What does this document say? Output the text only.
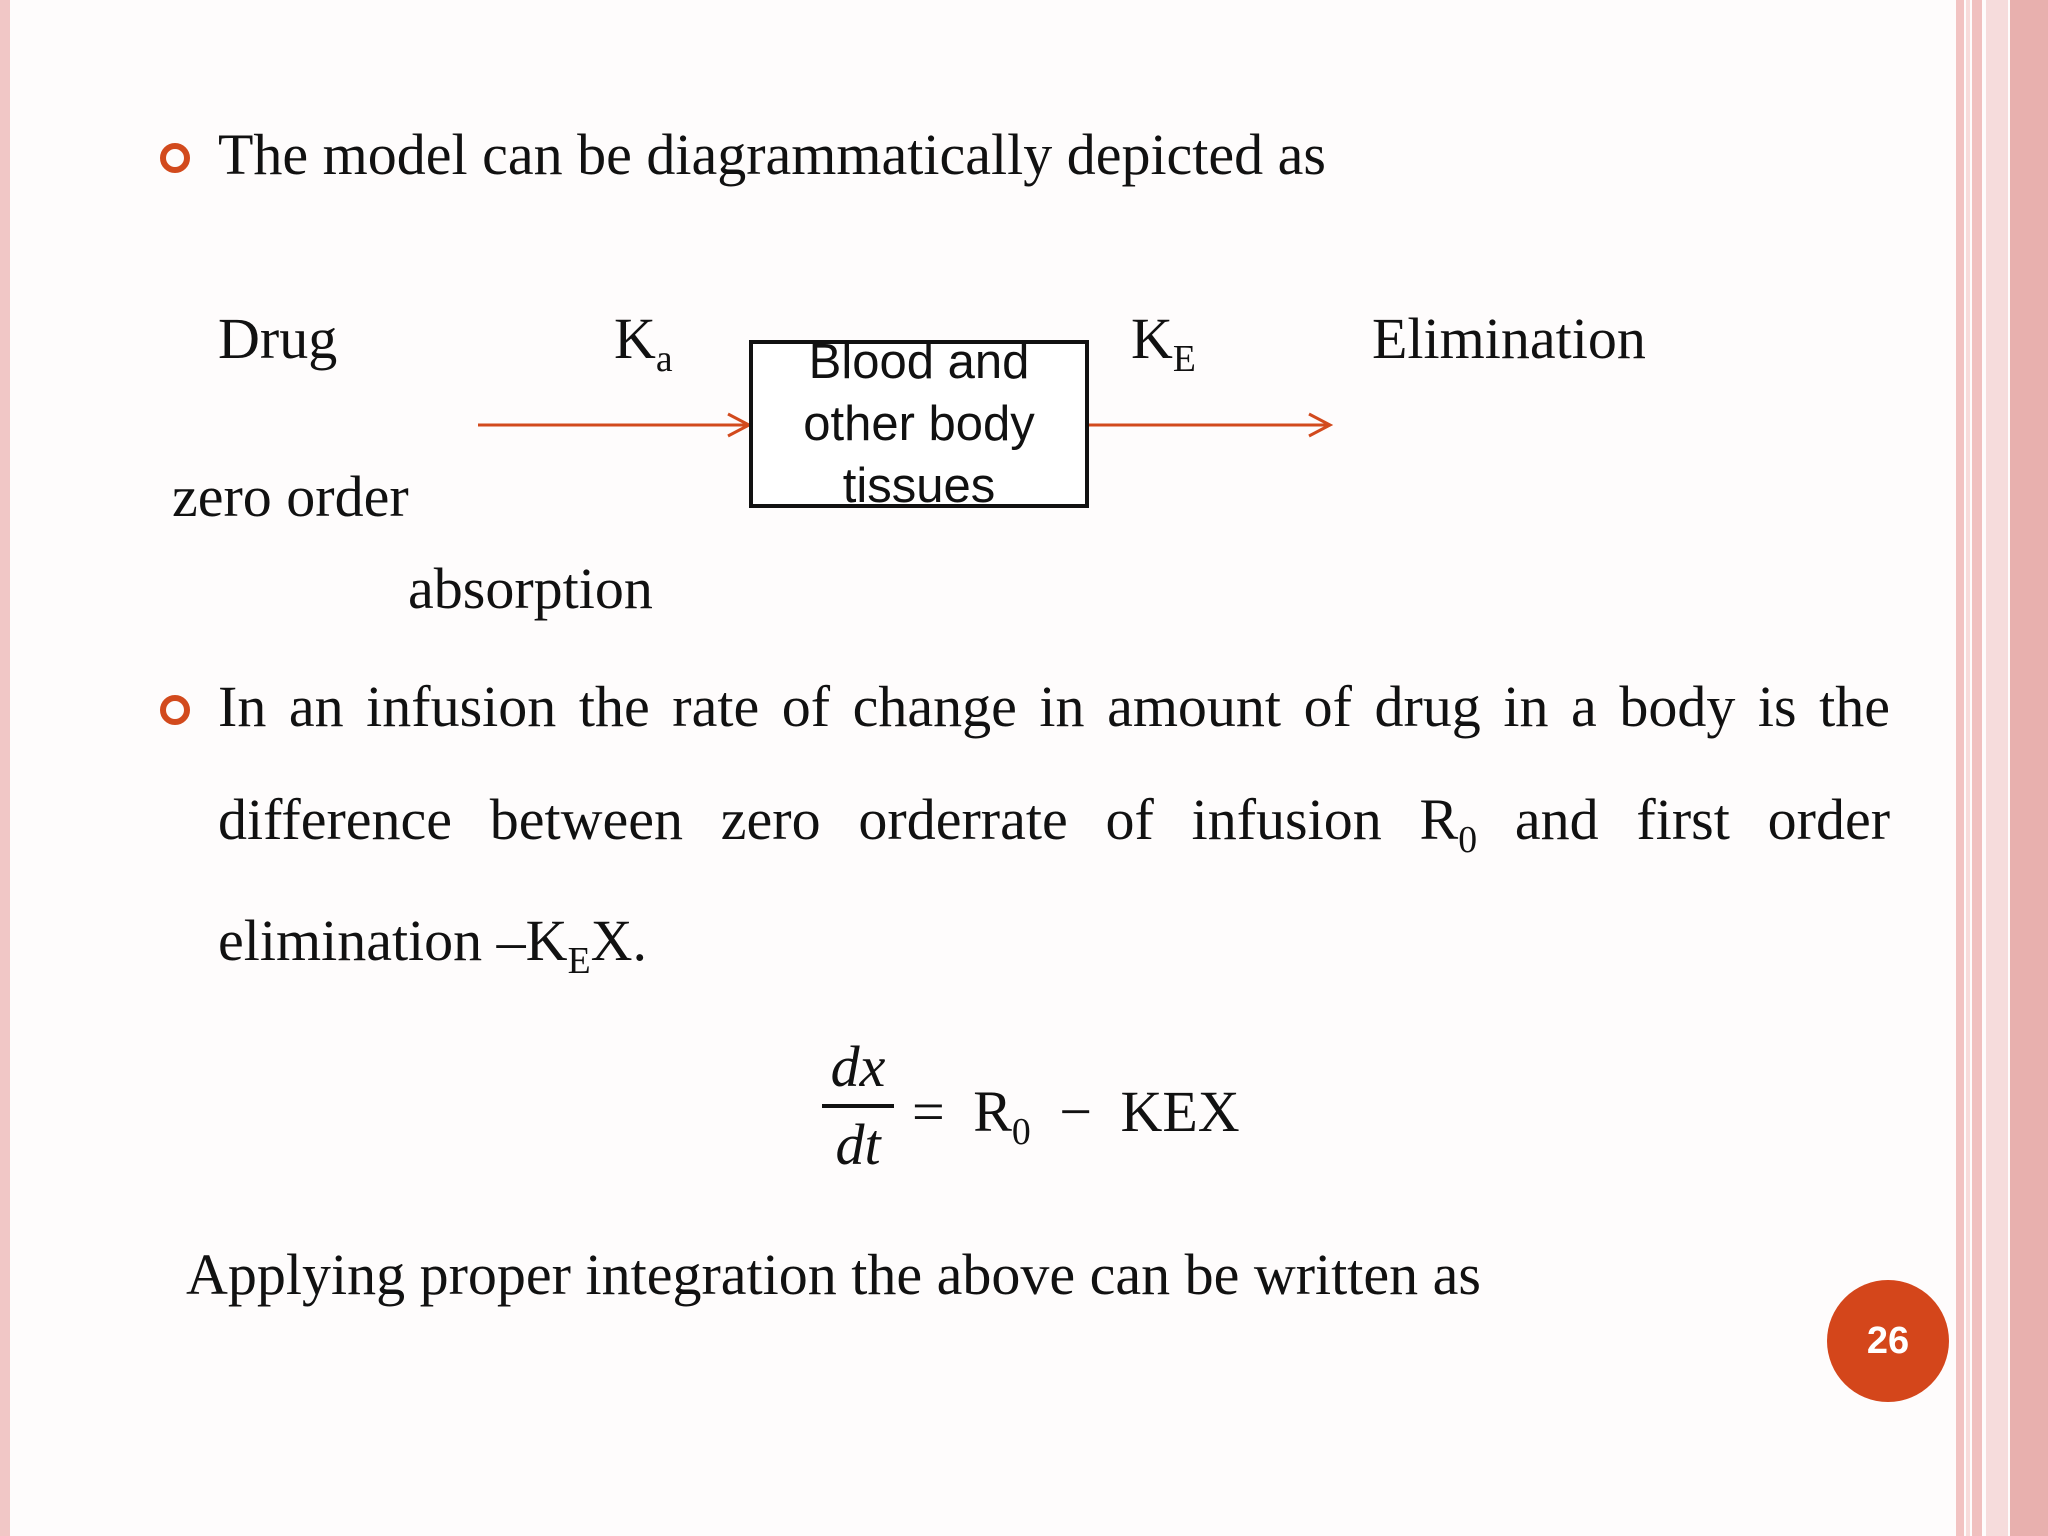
The model can be diagrammatically depicted as
Drug	$K_a$
zero order
absorption
Blood and
other body
tissues
$K_E$	Elimination
In an infusion the rate of change in amount of drug in a body is the difference between zero orderrate of infusion $R_0$ and first order elimination $-K_EX$.
dx
dt
= $R_0$ − KEX
Applying proper integration the above can be written as
26
